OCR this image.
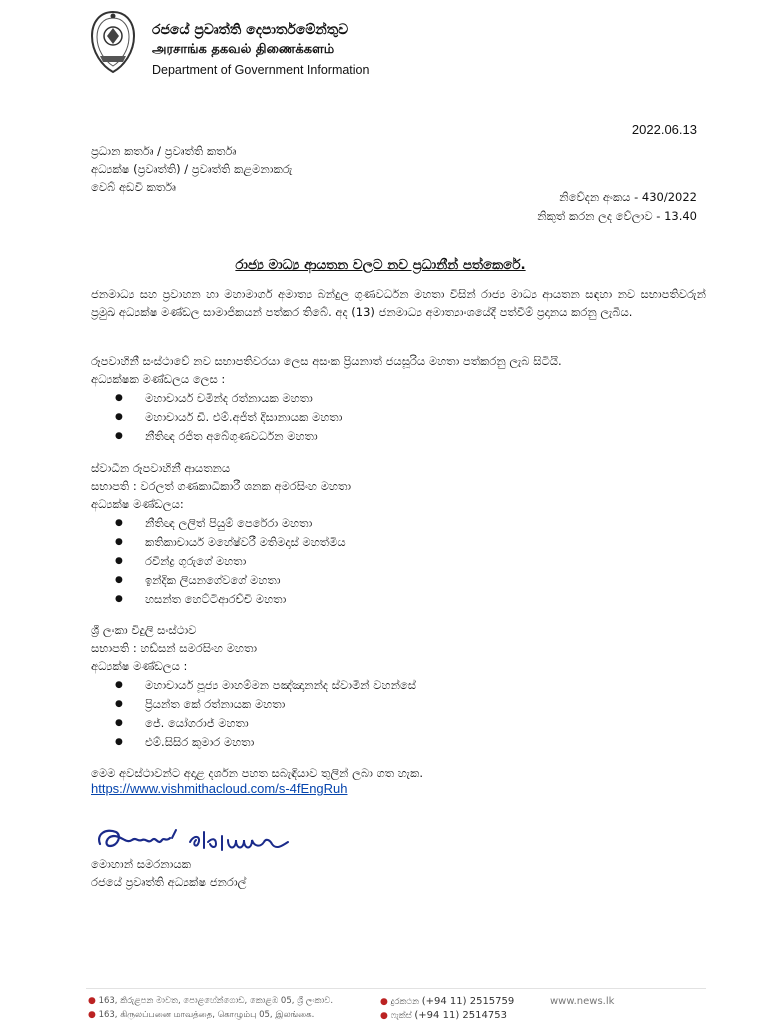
රජයේ ප්‍රවෘත්ති දෙපාර්තමේන්තුව
அரசாங்க தகவல் திணைக்களம்
Department of Government Information
2022.06.13
ප්‍රධාන කර්තෘ / ප්‍රවෘත්ති කර්තෘ
අධ්‍යක්ෂ (ප්‍රවෘත්ති) / ප්‍රවෘත්ති කළමනාකරු
වෙබ් අඩවි කර්තෘ
නිවේදන අංකය - 430/2022
නිකුත් කරන ලද වේලාව - 13.40
රාජ්‍ය මාධ්‍ය ආයතන වලට නව ප්‍රධානීන් පත්කෙරේ.
ජනමාධ්‍ය සහ ප්‍රවාහන හා මහාමාර්ග අමාත්‍ය බන්දුල ගුණවර්ධන මහතා විසින් රාජ්‍ය මාධ්‍ය ආයතන සඳහා නව සභාපතිවරුන් ප්‍රමුඛ අධ්‍යක්ෂ මණ්ඩල සාමාජිකයන් පත්කර තිබේ. අද (13) ජනමාධ්‍ය අමාත්‍යාංශයේදී පත්වීම් ප්‍රදානය කරනු ලැබීය.
රූපවාහිනී සංස්ථාවේ නව සභාපතිවරයා ලෙස අසංක ප්‍රියනාත් ජයසූරිය මහතා පත්කරනු ලැබ සිටියි.
අධ්‍යක්ෂක මණ්ඩලය ලෙස :
● මහාචාර්ය චමින්ද රත්නායක මහතා
● මහාචාර්ය ඩී. එම්.අජිත් දිසානායක මහතා
● නීතිඥ රජිත අබේගුණවර්ධන මහතා
ස්වාධීන රූපවාහිනී ආයතනය
සභාපති : වරලත් ගණකාධිකාරී ශනක අමරසිංහ මහතා
අධ්‍යක්ෂ මණ්ඩලය:
● නීතිඥ ලලිත් පියුම් පෙරේරා මහතා
● කතිකාචාර්ය මහේෂ්වරී මතිමදාස් මහත්මිය
● රවීන්ද්‍ර ගුරුගේ මහතා
● ඉන්දික ලියනගේවගේ මහතා
● හසන්ත හෙට්ටිආරච්චි මහතා
ශ්‍රී ලංකා විදුලි සංස්ථාව
සභාපති : හඩ්සන් සමරසිංහ මහතා
අධ්‍යක්ෂ මණ්ඩලය :
● මහාචාර්ය පූජ්‍ය මාහම්මන පඤ්ඤානන්ද ස්වාමීන් වහන්සේ
● ප්‍රියන්ත කේ රත්නායක මහතා
● ජේ. යෝගරාජ් මහතා
● එම්.සිසිර කුමාර මහතා
මෙම අවස්ථාවන්ට අදාළ දර්ශන පහත සබැඳියාව තුලින් ලබා ගත හැක.
https://www.vishmithacloud.com/s-4fEngRuh
මොහාන් සමරනායක
රජයේ ප්‍රවෘත්ති අධ්‍යක්ෂ ජනරාල්
● 163, කිරුළපන මාවත, පොළහේන්ගොඩ, කොළඹ 05, ශ්‍රී ලංකාව.
● 163, கிருலப்பனை மாவத்தை, கொழும்பு 05, இலங்கை.
● දුරකථන (+94 11) 2515759
● ෆැක්ස් (+94 11) 2514753
www.news.lk
